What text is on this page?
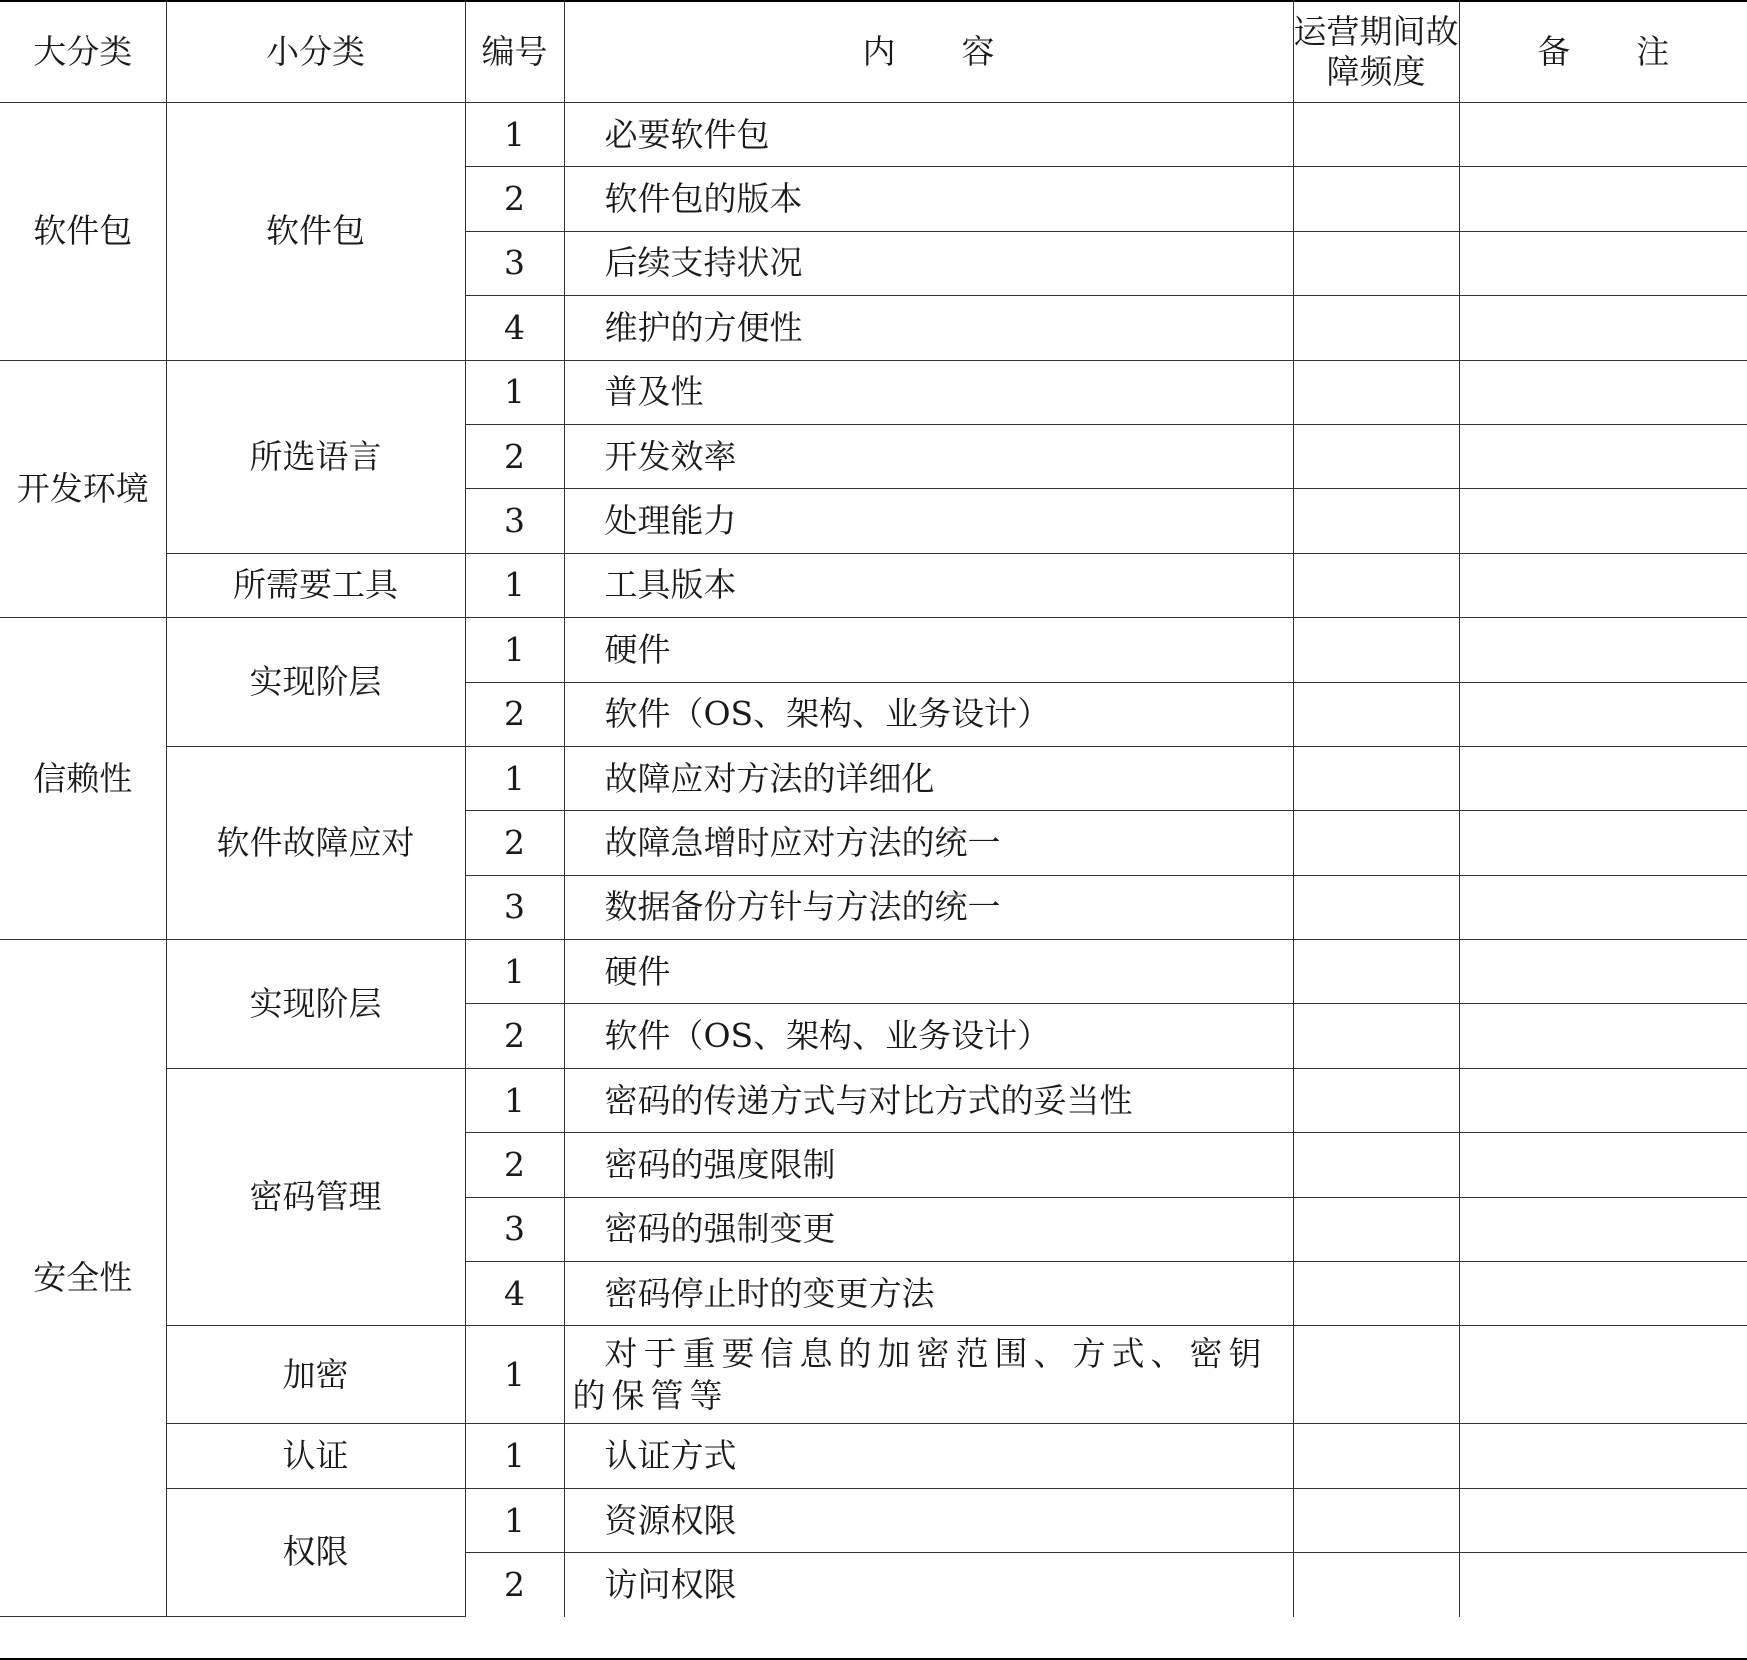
大分类	小分类	编号	内　　容	运营期间故障频度	备　　注
软件包	软件包	1	必要软件包		
		2	软件包的版本		
		3	后续支持状况		
		4	维护的方便性		
开发环境	所选语言	1	普及性		
		2	开发效率		
		3	处理能力		
	所需要工具	1	工具版本		
信赖性	实现阶层	1	硬件		
		2	软件（OS、架构、业务设计）		
	软件故障应对	1	故障应对方法的详细化		
		2	故障急增时应对方法的统一		
		3	数据备份方针与方法的统一		
安全性	实现阶层	1	硬件		
		2	软件（OS、架构、业务设计）		
	密码管理	1	密码的传递方式与对比方式的妥当性		
		2	密码的强度限制		
		3	密码的强制变更		
		4	密码停止时的变更方法		
	加密	1	对于重要信息的加密范围、方式、密钥的保管等		
	认证	1	认证方式		
	权限	1	资源权限		
		2	访问权限		
